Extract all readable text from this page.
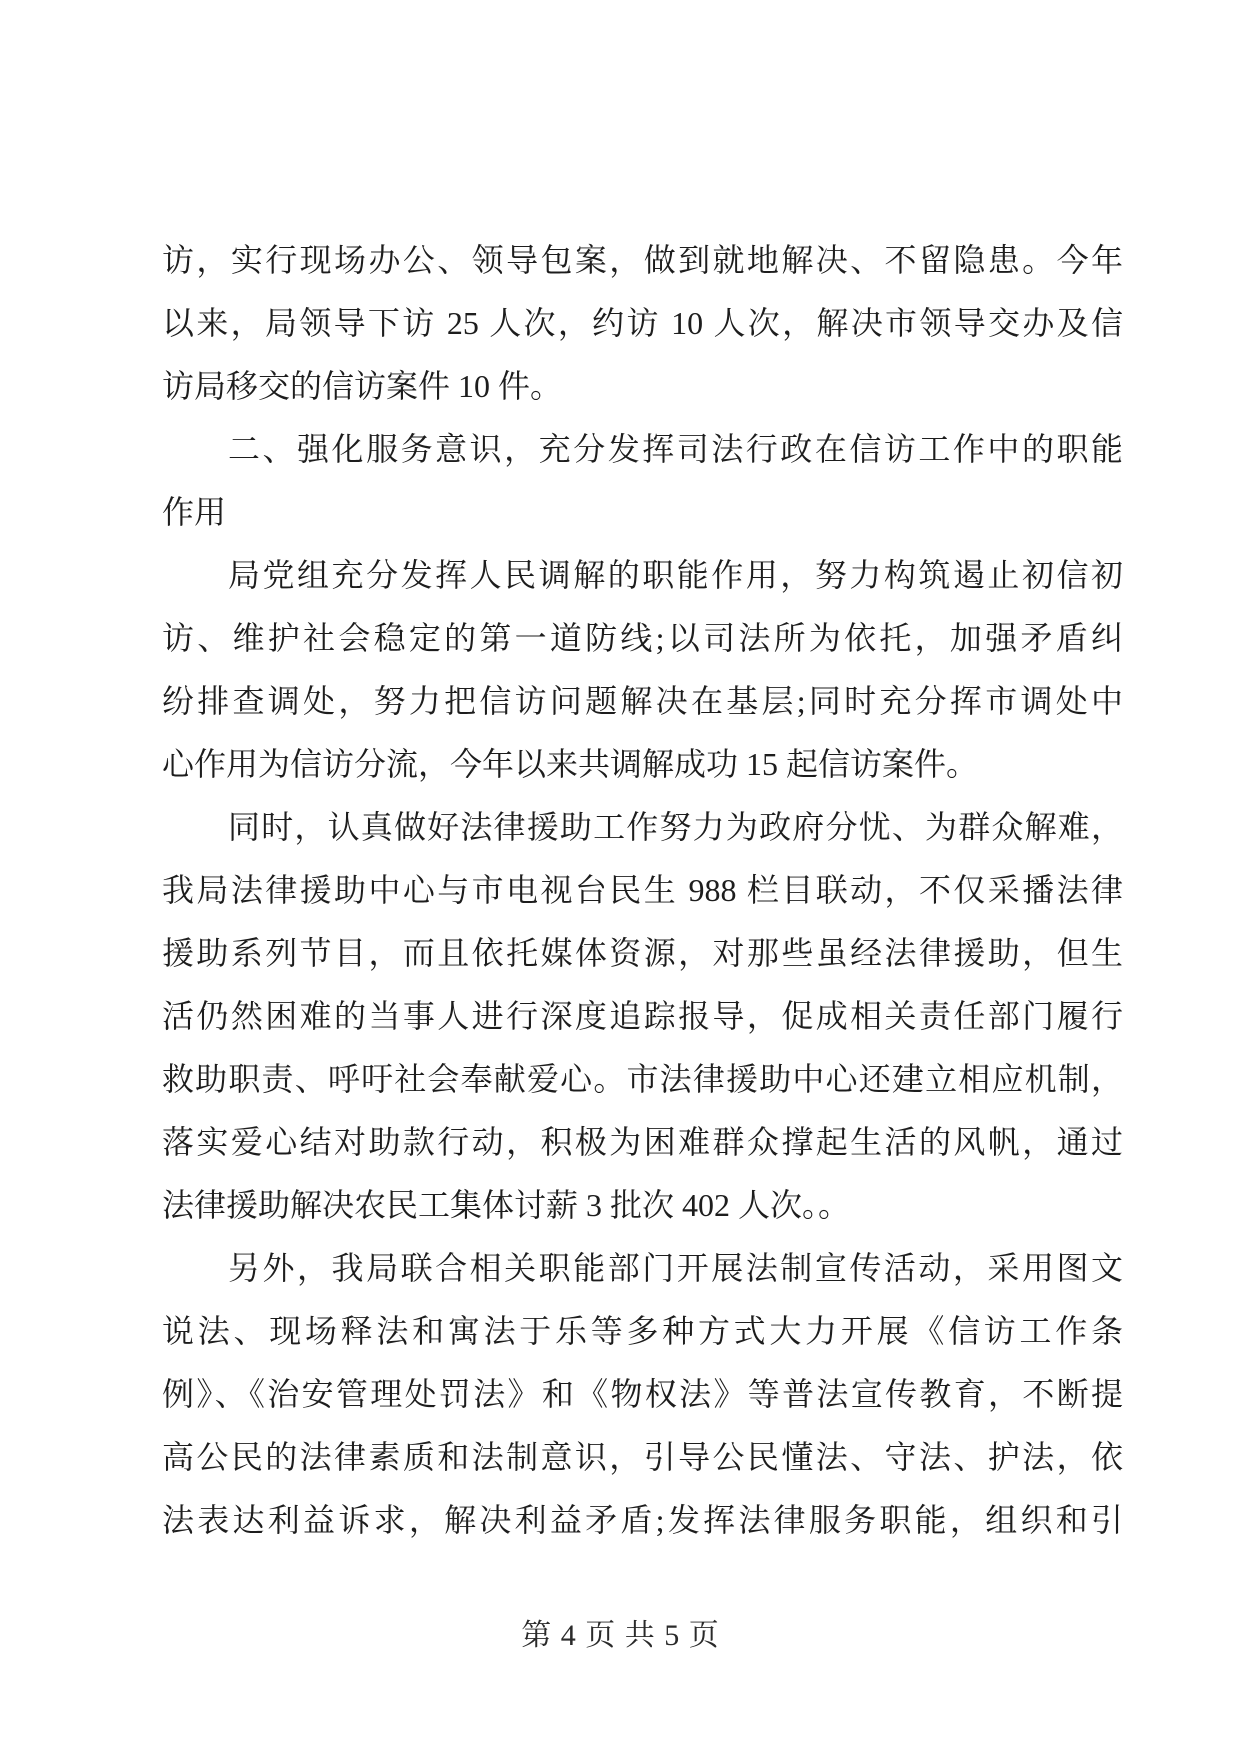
访，实行现场办公、领导包案，做到就地解决、不留隐患。今年
以来，局领导下访 25 人次，约访 10 人次，解决市领导交办及信
访局移交的信访案件 10 件。
二、强化服务意识，充分发挥司法行政在信访工作中的职能
作用
局党组充分发挥人民调解的职能作用，努力构筑遏止初信初
访、维护社会稳定的第一道防线;以司法所为依托，加强矛盾纠
纷排查调处，努力把信访问题解决在基层;同时充分挥市调处中
心作用为信访分流，今年以来共调解成功 15 起信访案件。
同时，认真做好法律援助工作努力为政府分忧、为群众解难，
我局法律援助中心与市电视台民生 988 栏目联动，不仅采播法律
援助系列节目，而且依托媒体资源，对那些虽经法律援助，但生
活仍然困难的当事人进行深度追踪报导，促成相关责任部门履行
救助职责、呼吁社会奉献爱心。市法律援助中心还建立相应机制，
落实爱心结对助款行动，积极为困难群众撑起生活的风帆，通过
法律援助解决农民工集体讨薪 3 批次 402 人次。。
另外，我局联合相关职能部门开展法制宣传活动，采用图文
说法、现场释法和寓法于乐等多种方式大力开展《信访工作条
例》、《治安管理处罚法》和《物权法》等普法宣传教育，不断提
高公民的法律素质和法制意识，引导公民懂法、守法、护法，依
法表达利益诉求，解决利益矛盾;发挥法律服务职能，组织和引
第 4 页 共 5 页
